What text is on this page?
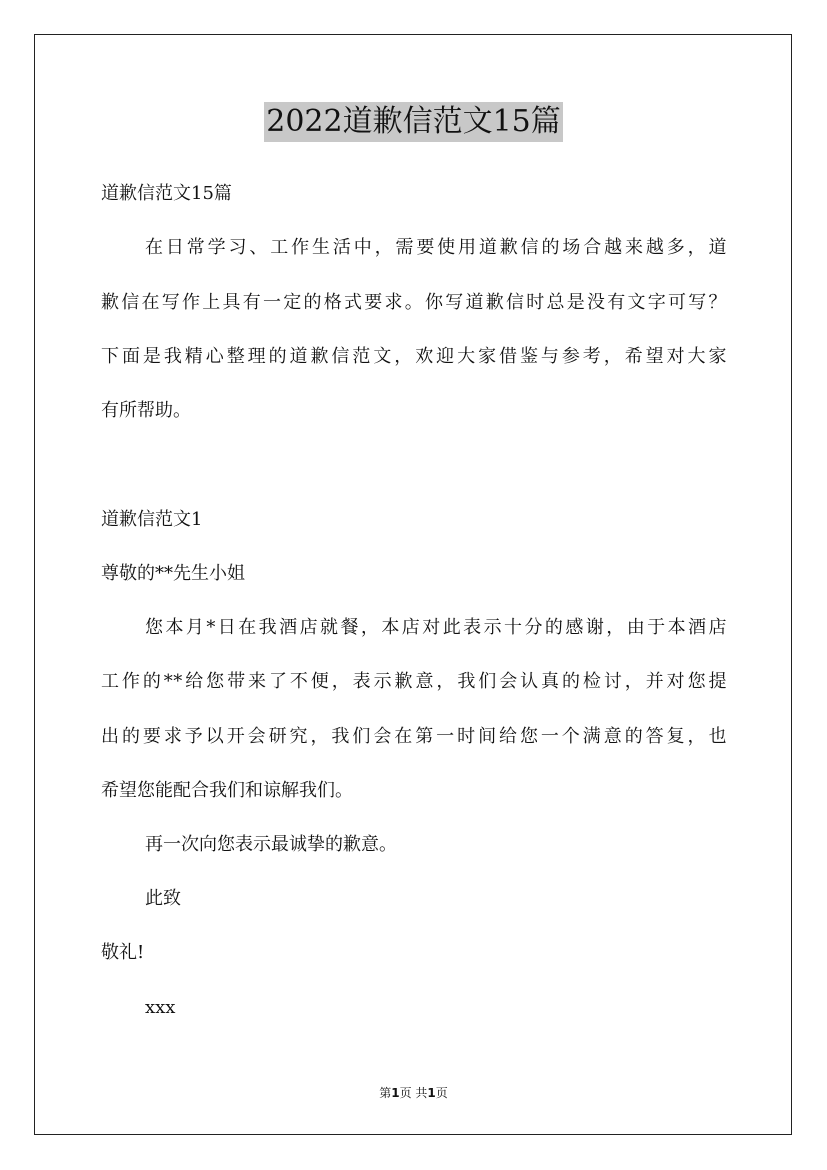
2022道歉信范文15篇
道歉信范文15篇
在日常学习、工作生活中，需要使用道歉信的场合越来越多，道
歉信在写作上具有一定的格式要求。你写道歉信时总是没有文字可写？
下面是我精心整理的道歉信范文，欢迎大家借鉴与参考，希望对大家
有所帮助。
道歉信范文1
尊敬的**先生小姐
您本月*日在我酒店就餐，本店对此表示十分的感谢，由于本酒店
工作的**给您带来了不便，表示歉意，我们会认真的检讨，并对您提
出的要求予以开会研究，我们会在第一时间给您一个满意的答复，也
希望您能配合我们和谅解我们。
再一次向您表示最诚挚的歉意。
此致
敬礼!
xxx
第1页 共1页
